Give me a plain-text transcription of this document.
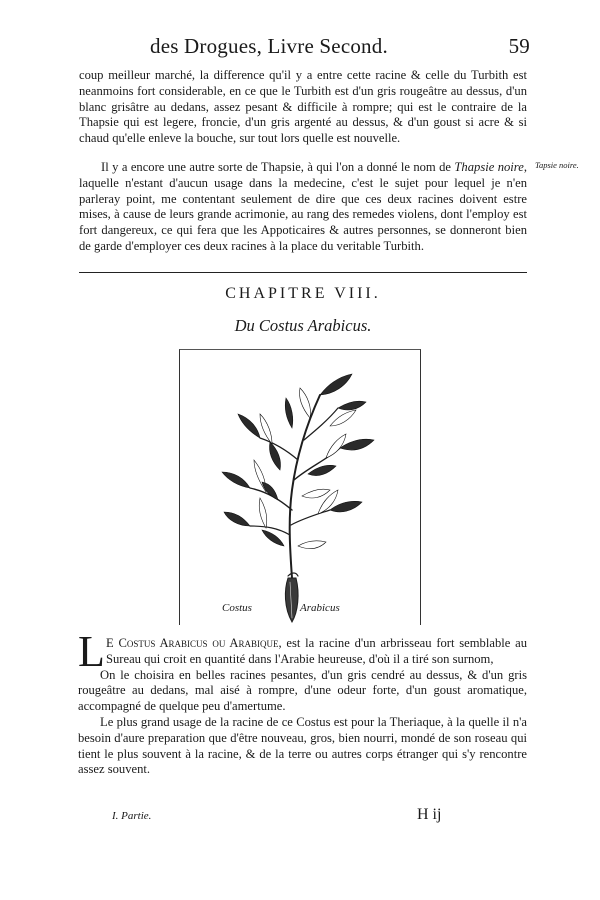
des Drogues, Livre Second.	59

coup meilleur marché, la difference qu'il y a entre cette racine & celle du Turbith est neanmoins fort considerable, en ce que le Turbith est d'un gris rougeâtre au dessus, d'un blanc grisâtre au dedans, assez pesant & difficile à rompre; qui est le contraire de la Thapsie qui est legere, froncie, d'un gris argenté au dessus, & d'un goust si acre & si chaud qu'elle enleve la bouche, sur tout lors quelle est nouvelle.

Il y a encore une autre sorte de Thapsie, à qui l'on a donné le nom de Thapsie noire, laquelle n'estant d'aucun usage dans la medecine, c'est le sujet pour lequel je n'en parleray point, me contentant seulement de dire que ces deux racines doivent estre mises, à cause de leurs grande acrimonie, au rang des remedes violens, dont l'employ est fort dangereux, ce qui fera que les Appoticaires & autres personnes, se donneront bien de garde d'employer ces deux racines à la place du veritable Turbith.

Tapsie noire.
CHAPITRE VIII.
Du Costus Arabicus.
Costus	Arabicus
L E Costus Arabicus ou Arabique, est la racine d'un arbrisseau fort semblable au Sureau qui croit en quantité dans l'Arabie heureuse, d'où il a tiré son surnom,
On le choisira en belles racines pesantes, d'un gris cendré au dessus, & d'un gris rougeâtre au dedans, mal aisé à rompre, d'une odeur forte, d'un goust aromatique, accompagné de quelque peu d'amertume.
Le plus grand usage de la racine de ce Costus est pour la Theriaque, à la quelle il n'a besoin d'aure preparation que d'être nouveau, gros, bien nourri, mondé de son roseau qui tient le plus souvent à la racine, & de la terre ou autres corps étranger qui s'y rencontre assez souvent.
I. Partie.	H ij
